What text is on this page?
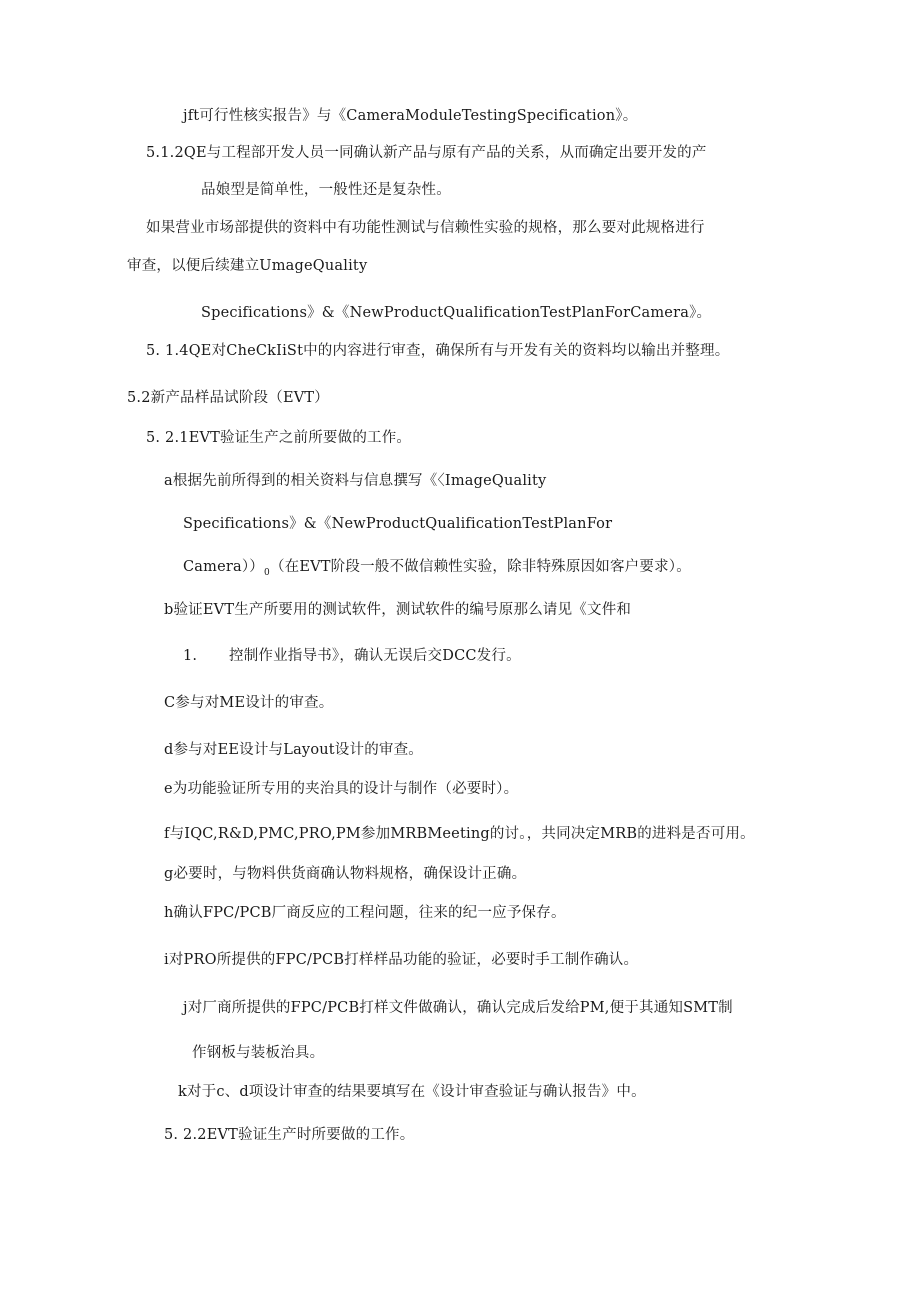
jft可行性核实报告》与《CameraModuleTestingSpecification》。
5.1.2QE与工程部开发人员一同确认新产品与原有产品的关系，从而确定出要开发的产
品娘型是简单性，一般性还是复杂性。
如果营业市场部提供的资料中有功能性测试与信赖性实验的规格，那么要对此规格进行
审查，以便后续建立UmageQuality
Specifications》&《NewProductQualificationTestPlanForCamera》。
5. 1.4QE对CheCkIiSt中的内容进行审查，确保所有与开发有关的资料均以输出并整理。
5.2新产品样品试阶段（EVT）
5. 2.1EVT验证生产之前所要做的工作。
a根据先前所得到的相关资料与信息撰写《〈ImageQuality
Specifications》&《NewProductQualificationTestPlanFor
$Camera))_0$（在EVT阶段一般不做信赖性实验，除非特殊原因如客户要求）。
b验证EVT生产所要用的测试软件，测试软件的编号原那么请见《文件和
1. 控制作业指导书》，确认无误后交DCC发行。
C参与对ME设计的审查。
d参与对EE设计与Layout设计的审查。
e为功能验证所专用的夹治具的设计与制作（必要时）。
f与IQC,R&D,PMC,PRO,PM参加MRBMeeting的讨。，共同决定MRB的进料是否可用。
g必要时，与物料供货商确认物料规格，确保设计正确。
h确认FPC/PCB厂商反应的工程问题，往来的纪一应予保存。
i对PRO所提供的FPC/PCB打样样品功能的验证，必要时手工制作确认。
j对厂商所提供的FPC/PCB打样文件做确认，确认完成后发给PM,便于其通知SMT制
作钢板与装板治具。
k对于c、d项设计审查的结果要填写在《设计审查验证与确认报告》中。
5. 2.2EVT验证生产时所要做的工作。
